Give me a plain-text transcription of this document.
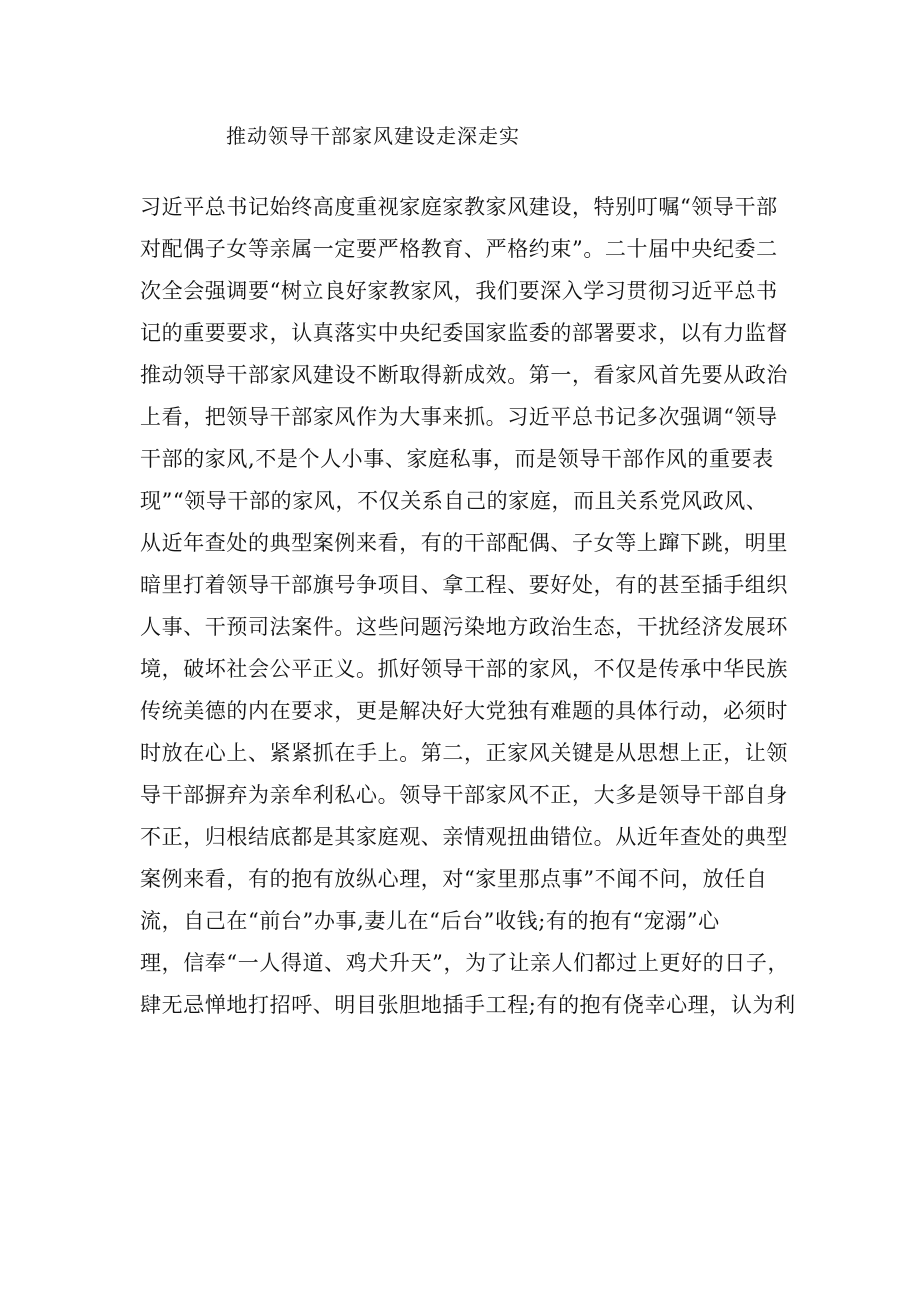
推动领导干部家风建设走深走实
习近平总书记始终高度重视家庭家教家风建设，特别叮嘱“领导干部
对配偶子女等亲属一定要严格教育、严格约束”。二十届中央纪委二
次全会强调要“树立良好家教家风，我们要深入学习贯彻习近平总书
记的重要要求，认真落实中央纪委国家监委的部署要求，以有力监督
推动领导干部家风建设不断取得新成效。第一，看家风首先要从政治
上看，把领导干部家风作为大事来抓。习近平总书记多次强调“领导
干部的家风,不是个人小事、家庭私事，而是领导干部作风的重要表
现”“领导干部的家风，不仅关系自己的家庭，而且关系党风政风、
从近年查处的典型案例来看，有的干部配偶、子女等上蹿下跳，明里
暗里打着领导干部旗号争项目、拿工程、要好处，有的甚至插手组织
人事、干预司法案件。这些问题污染地方政治生态，干扰经济发展环
境，破坏社会公平正义。抓好领导干部的家风，不仅是传承中华民族
传统美德的内在要求，更是解决好大党独有难题的具体行动，必须时
时放在心上、紧紧抓在手上。第二，正家风关键是从思想上正，让领
导干部摒弃为亲牟利私心。领导干部家风不正，大多是领导干部自身
不正，归根结底都是其家庭观、亲情观扭曲错位。从近年查处的典型
案例来看，有的抱有放纵心理，对“家里那点事”不闻不问，放任自
流，自己在“前台”办事,妻儿在“后台”收钱;有的抱有“宠溺”心
理，信奉“一人得道、鸡犬升天”，为了让亲人们都过上更好的日子，
肆无忌惮地打招呼、明目张胆地插手工程;有的抱有侥幸心理，认为利
